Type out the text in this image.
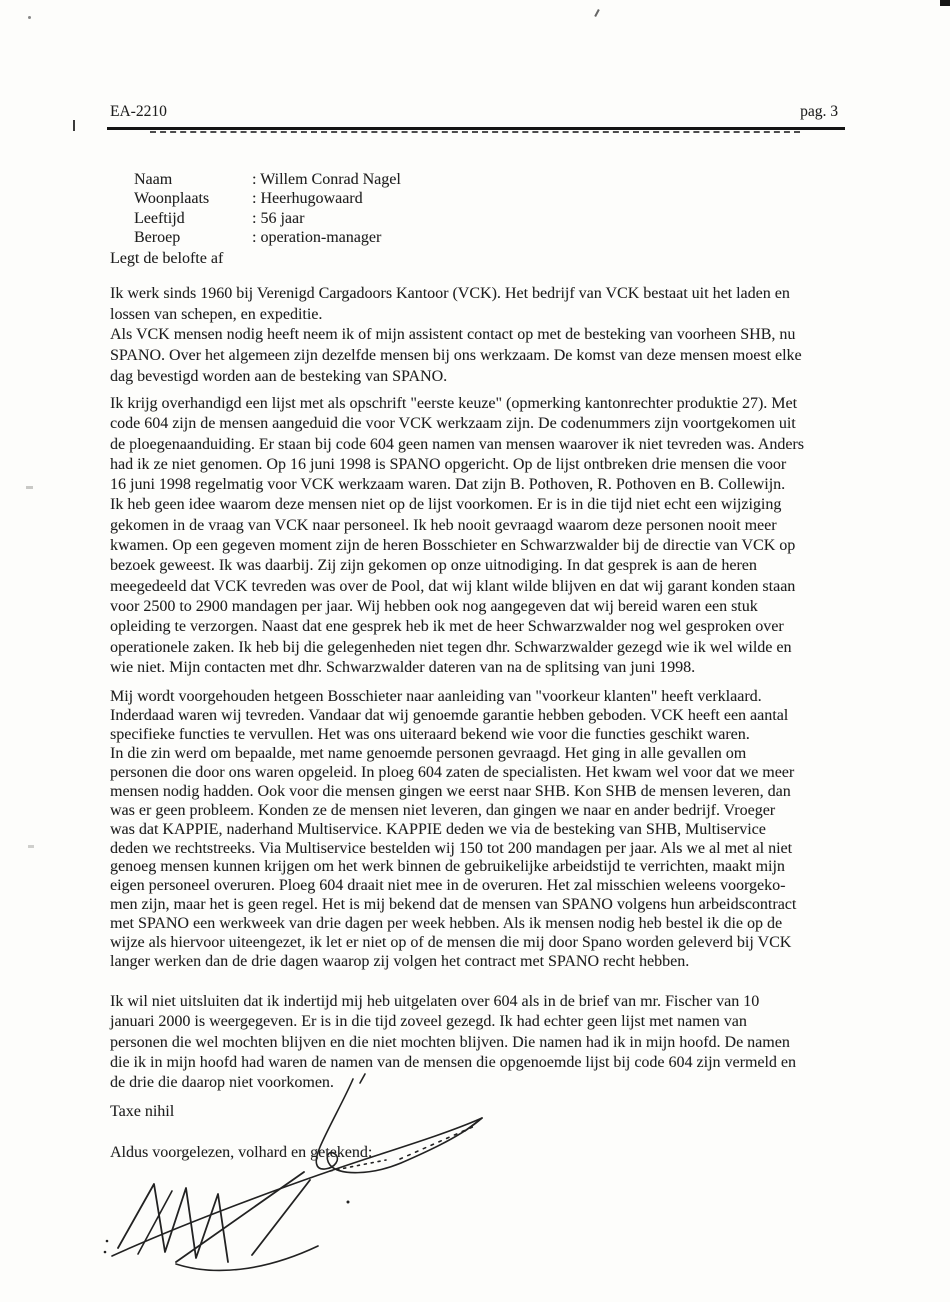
EA-2210	pag. 3

Naam	: Willem Conrad Nagel

Woonplaats	: Heerhugowaard

Leeftijd	: 56 jaar

Beroep	: operation-manager

Legt de belofte af
Ik werk sinds 1960 bij Verenigd Cargadoors Kantoor (VCK). Het bedrijf van VCK bestaat uit het laden en
lossen van schepen, en expeditie.
Als VCK mensen nodig heeft neem ik of mijn assistent contact op met de besteking van voorheen SHB, nu
SPANO. Over het algemeen zijn dezelfde mensen bij ons werkzaam. De komst van deze mensen moest elke
dag bevestigd worden aan de besteking van SPANO.
Ik krijg overhandigd een lijst met als opschrift "eerste keuze" (opmerking kantonrechter produktie 27). Met
code 604 zijn de mensen aangeduid die voor VCK werkzaam zijn. De codenummers zijn voortgekomen uit
de ploegenaanduiding. Er staan bij code 604 geen namen van mensen waarover ik niet tevreden was. Anders
had ik ze niet genomen. Op 16 juni 1998 is SPANO opgericht. Op de lijst ontbreken drie mensen die voor
16 juni 1998 regelmatig voor VCK werkzaam waren. Dat zijn B. Pothoven, R. Pothoven en B. Collewijn.
Ik heb geen idee waarom deze mensen niet op de lijst voorkomen. Er is in die tijd niet echt een wijziging
gekomen in de vraag van VCK naar personeel. Ik heb nooit gevraagd waarom deze personen nooit meer
kwamen. Op een gegeven moment zijn de heren Bosschieter en Schwarzwalder bij de directie van VCK op
bezoek geweest. Ik was daarbij. Zij zijn gekomen op onze uitnodiging. In dat gesprek is aan de heren
meegedeeld dat VCK tevreden was over de Pool, dat wij klant wilde blijven en dat wij garant konden staan
voor 2500 to 2900 mandagen per jaar. Wij hebben ook nog aangegeven dat wij bereid waren een stuk
opleiding te verzorgen. Naast dat ene gesprek heb ik met de heer Schwarzwalder nog wel gesproken over
operationele zaken. Ik heb bij die gelegenheden niet tegen dhr. Schwarzwalder gezegd wie ik wel wilde en
wie niet. Mijn contacten met dhr. Schwarzwalder dateren van na de splitsing van juni 1998.
Mij wordt voorgehouden hetgeen Bosschieter naar aanleiding van "voorkeur klanten" heeft verklaard.
Inderdaad waren wij tevreden. Vandaar dat wij genoemde garantie hebben geboden. VCK heeft een aantal
specifieke functies te vervullen. Het was ons uiteraard bekend wie voor die functies geschikt waren.
In die zin werd om bepaalde, met name genoemde personen gevraagd. Het ging in alle gevallen om
personen die door ons waren opgeleid. In ploeg 604 zaten de specialisten. Het kwam wel voor dat we meer
mensen nodig hadden. Ook voor die mensen gingen we eerst naar SHB. Kon SHB de mensen leveren, dan
was er geen probleem. Konden ze de mensen niet leveren, dan gingen we naar en ander bedrijf. Vroeger
was dat KAPPIE, naderhand Multiservice. KAPPIE deden we via de besteking van SHB, Multiservice
deden we rechtstreeks. Via Multiservice bestelden wij 150 tot 200 mandagen per jaar. Als we al met al niet
genoeg mensen kunnen krijgen om het werk binnen de gebruikelijke arbeidstijd te verrichten, maakt mijn
eigen personeel overuren. Ploeg 604 draait niet mee in de overuren. Het zal misschien weleens voorgeko-
men zijn, maar het is geen regel. Het is mij bekend dat de mensen van SPANO volgens hun arbeidscontract
met SPANO een werkweek van drie dagen per week hebben. Als ik mensen nodig heb bestel ik die op de
wijze als hiervoor uiteengezet, ik let er niet op of de mensen die mij door Spano worden geleverd bij VCK
langer werken dan de drie dagen waarop zij volgen het contract met SPANO recht hebben.
Ik wil niet uitsluiten dat ik indertijd mij heb uitgelaten over 604 als in de brief van mr. Fischer van 10
januari 2000 is weergegeven. Er is in die tijd zoveel gezegd. Ik had echter geen lijst met namen van
personen die wel mochten blijven en die niet mochten blijven. Die namen had ik in mijn hoofd. De namen
die ik in mijn hoofd had waren de namen van de mensen die opgenoemde lijst bij code 604 zijn vermeld en
de drie die daarop niet voorkomen.
Taxe nihil
Aldus voorgelezen, volhard en getekend:
